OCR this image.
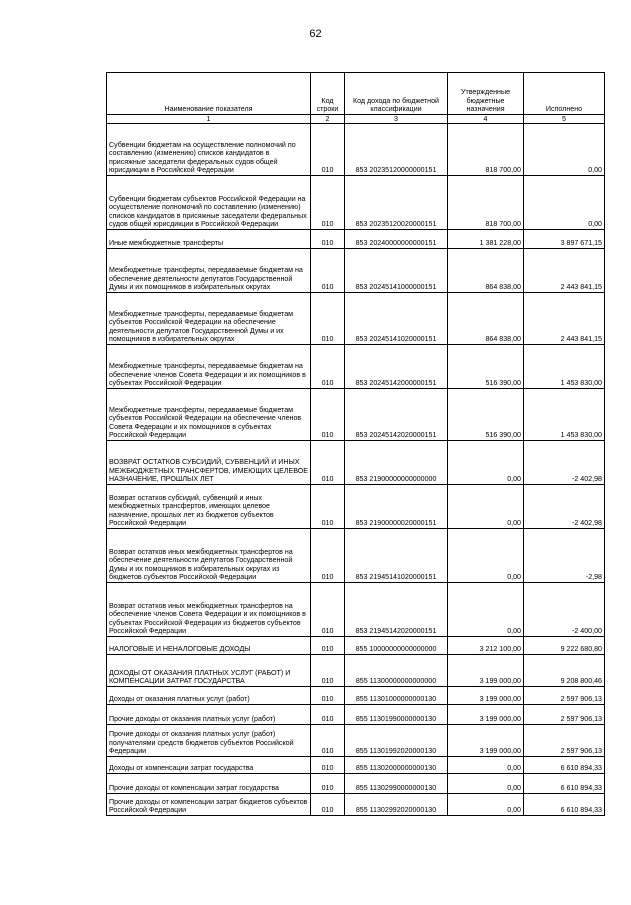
62
Наименование показателя	Код строки	Код дохода по бюджетной классификации	Утвержденные бюджетные назначения	Исполнено
1	2	3	4	5
Субвенции бюджетам на осуществление полномочий по составлению (изменению) списков кандидатов в присяжные заседатели федеральных судов общей юрисдикции в Российской Федерации	010	853 20235120000000151	818 700,00	0,00
Субвенции бюджетам субъектов Российской Федерации на осуществление полномочий по составлению (изменению) списков кандидатов в присяжные заседатели федеральных судов общей юрисдикции в Российской Федерации	010	853 20235120020000151	818 700,00	0,00
Иные межбюджетные трансферты	010	853 20240000000000151	1 381 228,00	3 897 671,15
Межбюджетные трансферты, передаваемые бюджетам на обеспечение деятельности депутатов Государственной Думы и их помощников в избирательных округах	010	853 20245141000000151	864 838,00	2 443 841,15
Межбюджетные трансферты, передаваемые бюджетам субъектов Российской Федерации на обеспечение деятельности депутатов Государственной Думы и их помощников в избирательных округах	010	853 20245141020000151	864 838,00	2 443 841,15
Межбюджетные трансферты, передаваемые бюджетам на обеспечение членов Совета Федерации и их помощников в субъектах Российской Федерации	010	853 20245142000000151	516 390,00	1 453 830,00
Межбюджетные трансферты, передаваемые бюджетам субъектов Российской Федерации на обеспечение членов Совета Федерации и их помощников в субъектах Российской Федерации	010	853 20245142020000151	516 390,00	1 453 830,00
ВОЗВРАТ ОСТАТКОВ СУБСИДИЙ, СУБВЕНЦИЙ И ИНЫХ МЕЖБЮДЖЕТНЫХ ТРАНСФЕРТОВ, ИМЕЮЩИХ ЦЕЛЕВОЕ НАЗНАЧЕНИЕ, ПРОШЛЫХ ЛЕТ	010	853 21900000000000000	0,00	-2 402,98
Возврат остатков субсидий, субвенций и иных межбюджетных трансфертов, имеющих целевое назначение, прошлых лет из бюджетов субъектов Российской Федерации	010	853 21900000020000151	0,00	-2 402,98
Возврат остатков иных межбюджетных трансфертов на обеспечение деятельности депутатов Государственной Думы и их помощников в избирательных округах из бюджетов субъектов Российской Федерации	010	853 21945141020000151	0,00	-2,98
Возврат остатков иных межбюджетных трансфертов на обеспечение членов Совета Федерации и их помощников в субъектах Российской Федерации из бюджетов субъектов Российской Федерации	010	853 21945142020000151	0,00	-2 400,00
НАЛОГОВЫЕ И НЕНАЛОГОВЫЕ ДОХОДЫ	010	855 10000000000000000	3 212 100,00	9 222 680,80
ДОХОДЫ ОТ ОКАЗАНИЯ ПЛАТНЫХ УСЛУГ (РАБОТ) И КОМПЕНСАЦИИ ЗАТРАТ ГОСУДАРСТВА	010	855 11300000000000000	3 199 000,00	9 208 800,46
Доходы от оказания платных услуг (работ)	010	855 11301000000000130	3 199 000,00	2 597 906,13
Прочие доходы от оказания платных услуг (работ)	010	855 11301990000000130	3 199 000,00	2 597 906,13
Прочие доходы от оказания платных услуг (работ) получателями средств бюджетов субъектов Российской Федерации	010	855 11301992020000130	3 199 000,00	2 597 906,13
Доходы от компенсации затрат государства	010	855 11302000000000130	0,00	6 610 894,33
Прочие доходы от компенсации затрат государства	010	855 11302990000000130	0,00	6 610 894,33
Прочие доходы от компенсации затрат бюджетов субъектов Российской Федерации	010	855 11302992020000130	0,00	6 610 894,33
